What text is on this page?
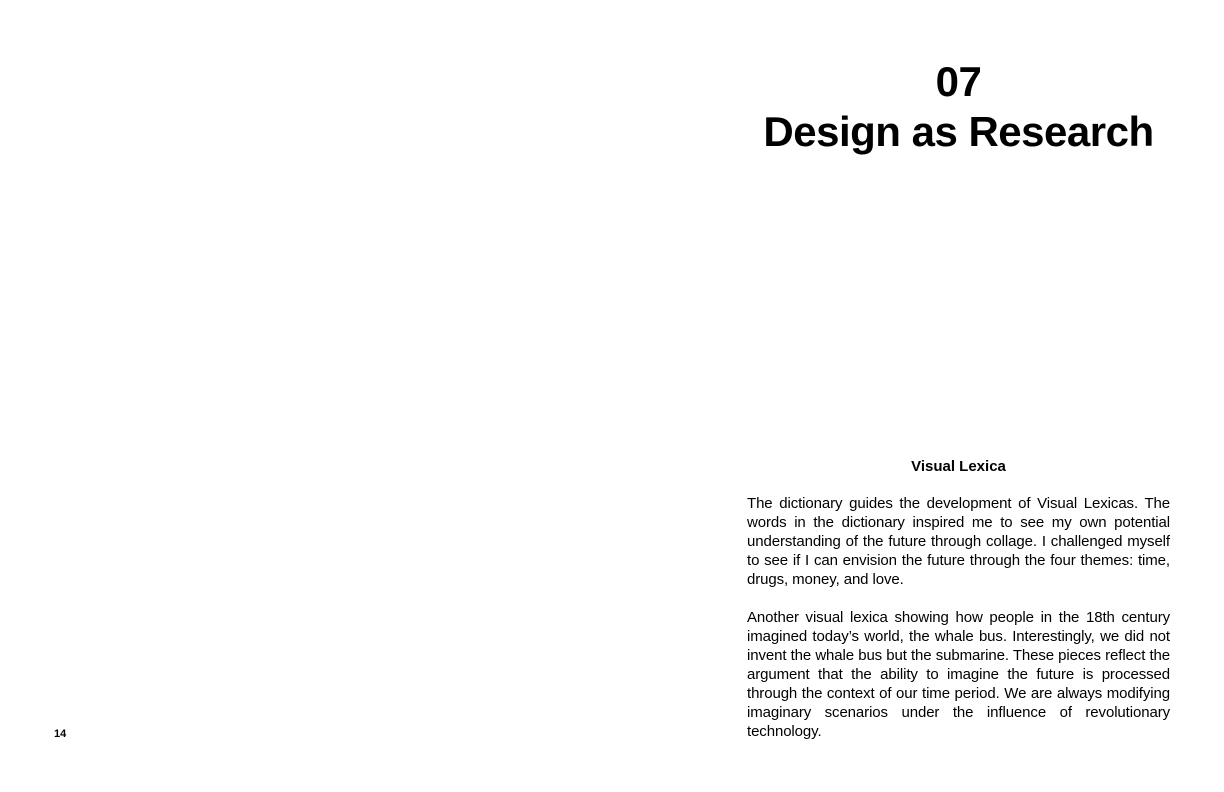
14
07
Design as Research
Visual Lexica

The dictionary guides the development of Visual Lexicas. The words in the dictionary inspired me to see my own potential understanding of the future through collage. I challenged myself to see if I can envision the future through the four themes: time, drugs, money, and love.

Another visual lexica showing how people in the 18th century imagined today’s world, the whale bus. Interestingly, we did not invent the whale bus but the submarine. These pieces reflect the argument that the ability to imagine the future is processed through the context of our time period. We are always modifying imaginary scenarios under the influence of revolutionary technology.
